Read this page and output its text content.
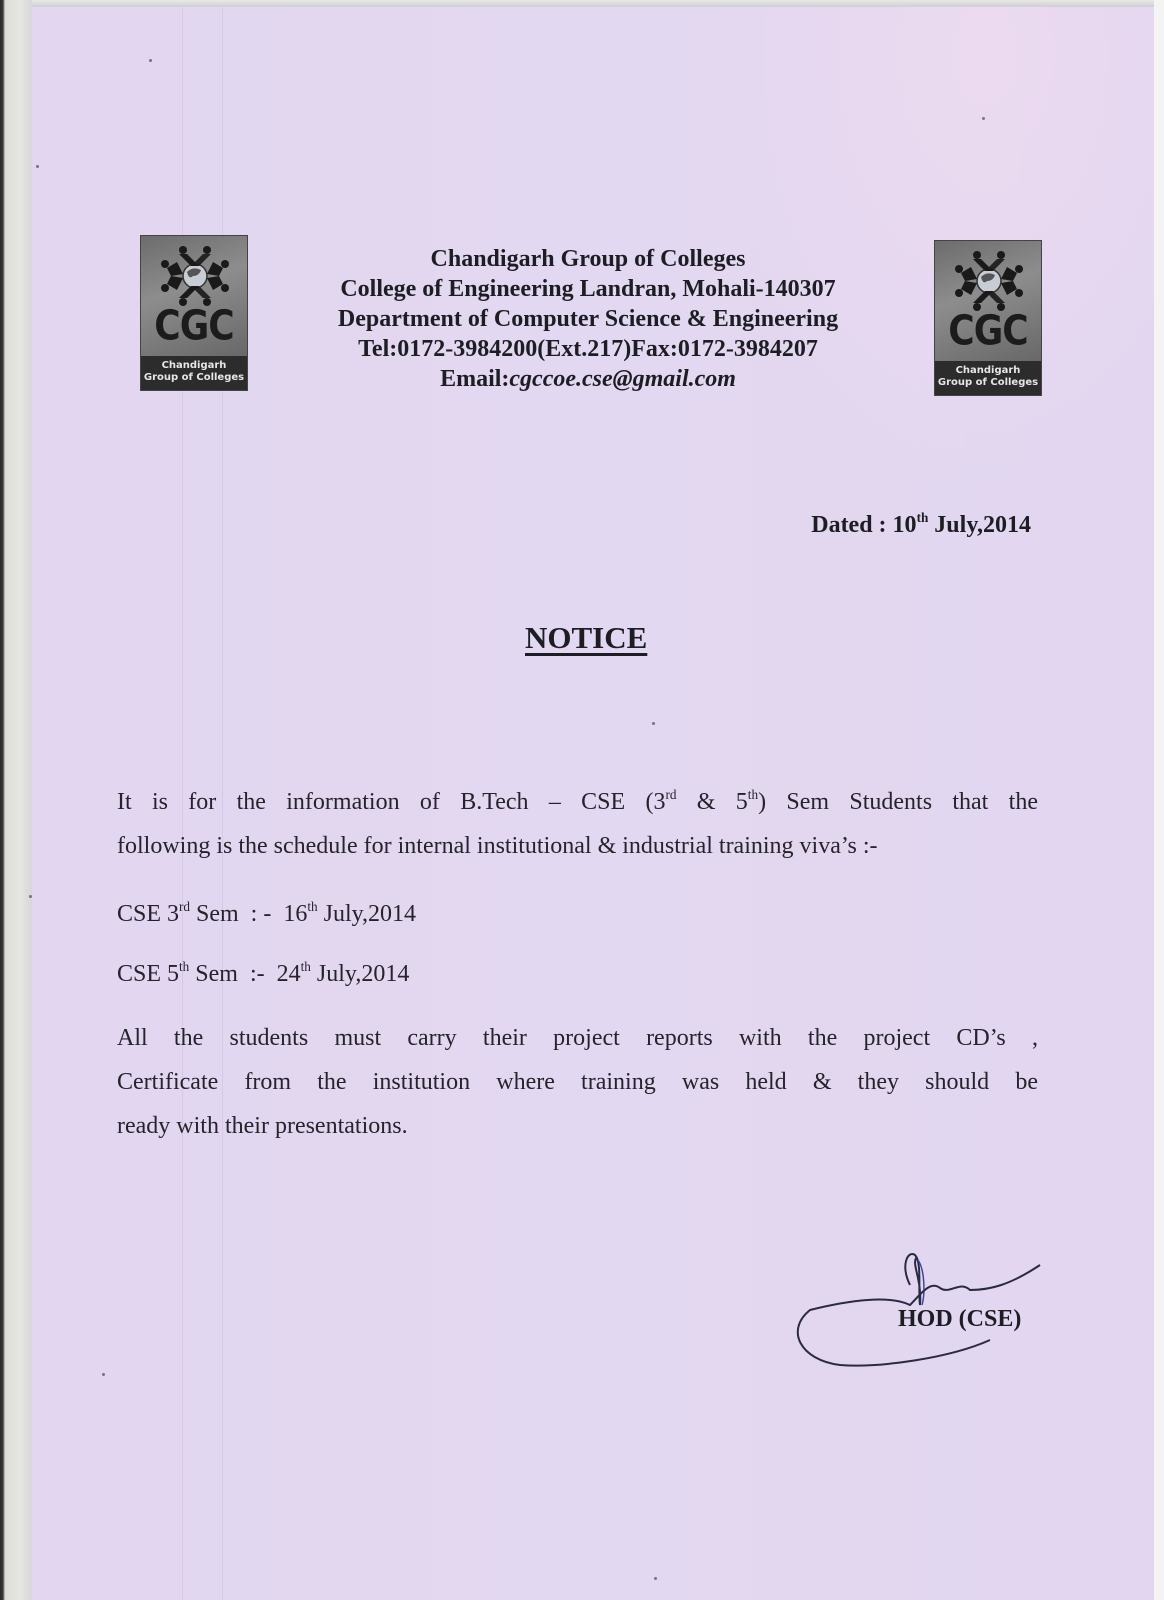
CGC
Chandigarh
Group of Colleges
CGC
Chandigarh
Group of Colleges
Chandigarh Group of Colleges
College of Engineering Landran, Mohali-140307
Department of Computer Science & Engineering
Tel:0172-3984200(Ext.217)Fax:0172-3984207
Email:cgccoe.cse@gmail.com
Dated : 10th July,2014
NOTICE
It is for the information of B.Tech – CSE (3rd & 5th) Sem Students that the
following is the schedule for internal institutional & industrial training viva’s :-
CSE 3rd Sem  : -  16th July,2014
CSE 5th Sem  :-  24th July,2014
All the students must carry their project reports with the project CD’s ,
Certificate from the institution where training was held & they should be
ready with their presentations.
HOD (CSE)
